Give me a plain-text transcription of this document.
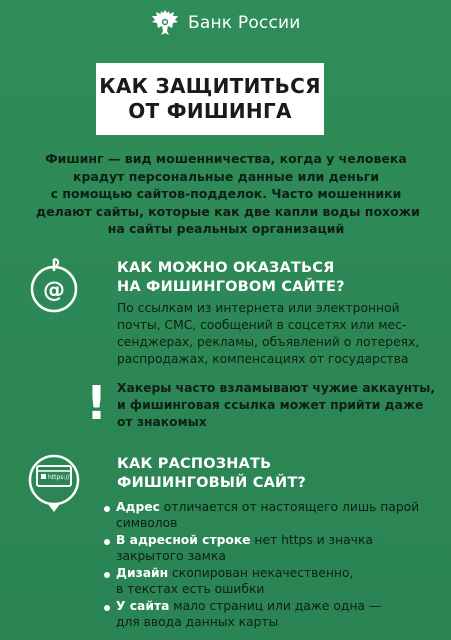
Банк России
КАК ЗАЩИТИТЬСЯ
ОТ ФИШИНГА
Фишинг — вид мошенничества, когда у человека
крадут персональные данные или деньги
с помощью сайтов-подделок. Часто мошенники
делают сайты, которые как две капли воды похожи
на сайты реальных организаций
@
КАК МОЖНО ОКАЗАТЬСЯ
НА ФИШИНГОВОМ САЙТЕ?
По ссылкам из интернета или электронной
почты, СМС, сообщений в соцсетях или мес-
сенджерах, рекламы, объявлений о лотереях,
распродажах, компенсациях от государства
! Хакеры часто взламывают чужие аккаунты,
и фишинговая ссылка может прийти даже
от знакомых
https://
КАК РАСПОЗНАТЬ
ФИШИНГОВЫЙ САЙТ?
Адрес отличается от настоящего лишь парой
символов
В адресной строке нет https и значка
закрытого замка
Дизайн скопирован некачественно,
в текстах есть ошибки
У сайта мало страниц или даже одна —
для ввода данных карты
